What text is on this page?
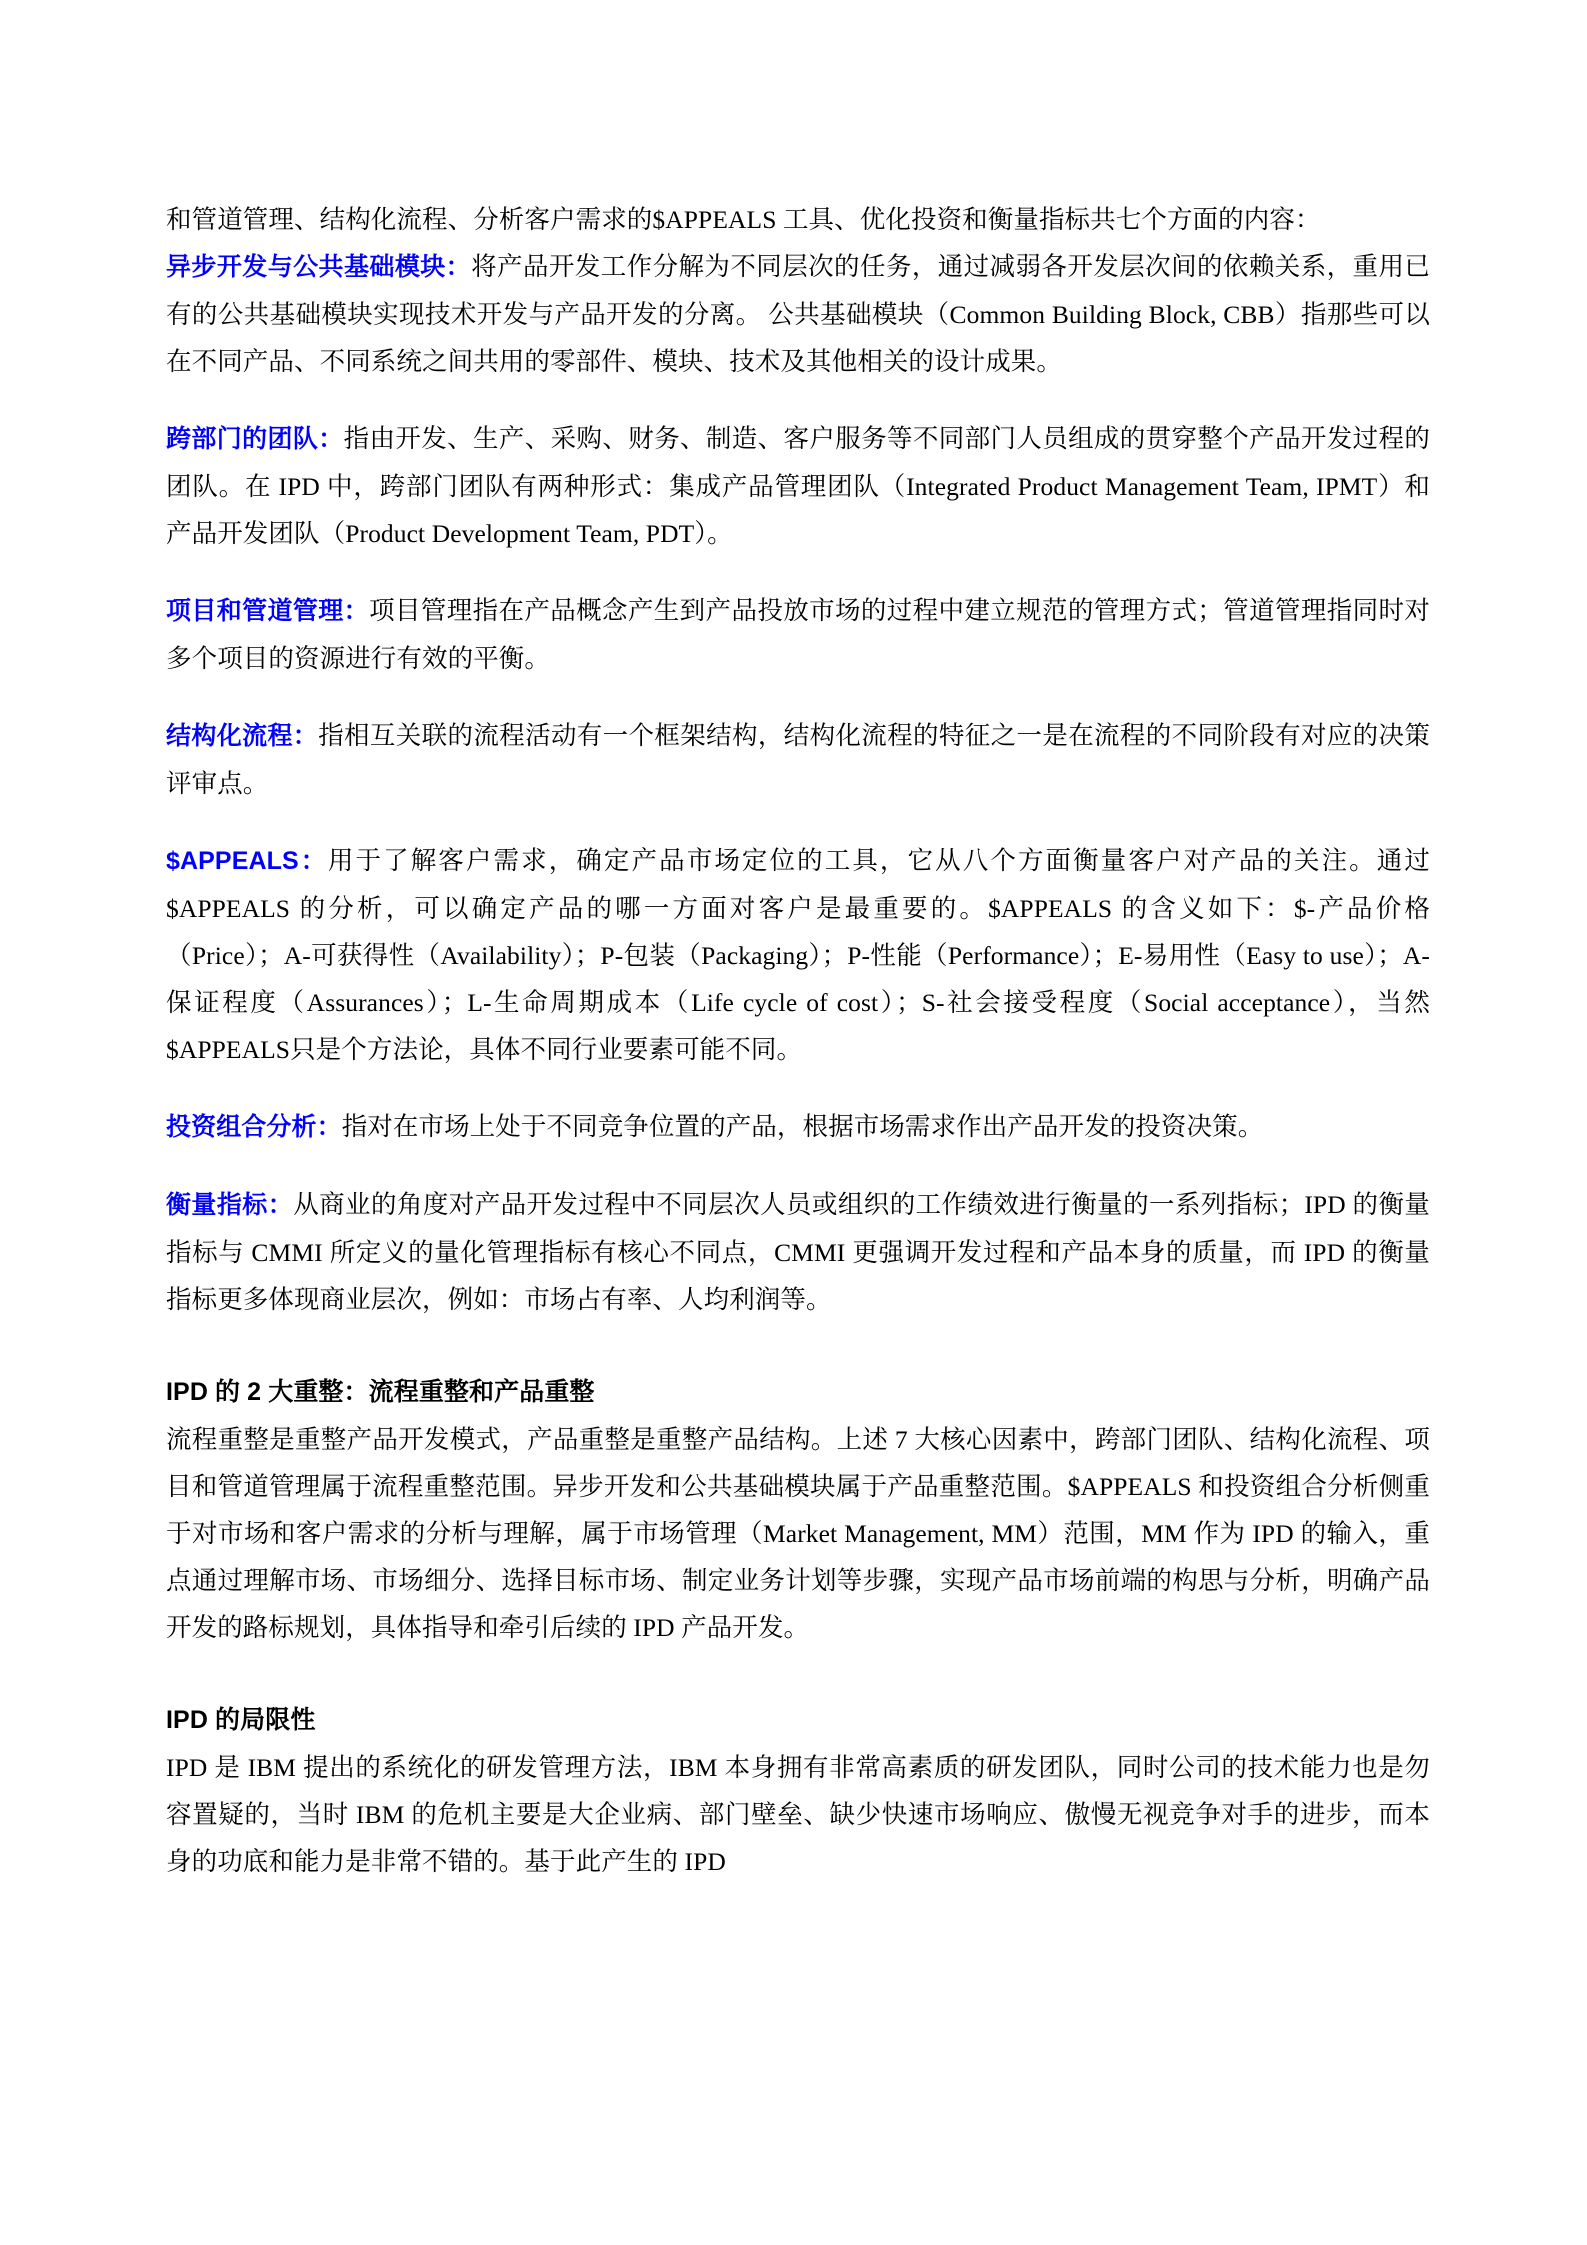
和管道管理、结构化流程、分析客户需求的$APPEALS 工具、优化投资和衡量指标共七个方面的内容：

异步开发与公共基础模块：将产品开发工作分解为不同层次的任务，通过减弱各开发层次间的依赖关系，重用已有的公共基础模块实现技术开发与产品开发的分离。 公共基础模块（Common Building Block, CBB）指那些可以在不同产品、不同系统之间共用的零部件、模块、技术及其他相关的设计成果。

跨部门的团队：指由开发、生产、采购、财务、制造、客户服务等不同部门人员组成的贯穿整个产品开发过程的团队。在 IPD 中，跨部门团队有两种形式：集成产品管理团队（Integrated Product Management Team, IPMT）和产品开发团队（Product Development Team, PDT）。

项目和管道管理：项目管理指在产品概念产生到产品投放市场的过程中建立规范的管理方式；管道管理指同时对多个项目的资源进行有效的平衡。

结构化流程：指相互关联的流程活动有一个框架结构，结构化流程的特征之一是在流程的不同阶段有对应的决策评审点。

$APPEALS：用于了解客户需求，确定产品市场定位的工具，它从八个方面衡量客户对产品的关注。通过$APPEALS 的分析，可以确定产品的哪一方面对客户是最重要的。$APPEALS 的含义如下：$-产品价格（Price）；A-可获得性（Availability）；P-包装（Packaging）；P-性能（Performance）；E-易用性（Easy to use）；A-保证程度（Assurances）；L-生命周期成本（Life cycle of cost）；S-社会接受程度（Social acceptance），当然$APPEALS只是个方法论，具体不同行业要素可能不同。

投资组合分析：指对在市场上处于不同竞争位置的产品，根据市场需求作出产品开发的投资决策。

衡量指标：从商业的角度对产品开发过程中不同层次人员或组织的工作绩效进行衡量的一系列指标；IPD 的衡量指标与 CMMI 所定义的量化管理指标有核心不同点，CMMI 更强调开发过程和产品本身的质量，而 IPD 的衡量指标更多体现商业层次，例如：市场占有率、人均利润等。

IPD 的 2 大重整：流程重整和产品重整

流程重整是重整产品开发模式，产品重整是重整产品结构。上述 7 大核心因素中，跨部门团队、结构化流程、项目和管道管理属于流程重整范围。异步开发和公共基础模块属于产品重整范围。$APPEALS 和投资组合分析侧重于对市场和客户需求的分析与理解，属于市场管理（Market Management, MM）范围，MM 作为 IPD 的输入，重点通过理解市场、市场细分、选择目标市场、制定业务计划等步骤，实现产品市场前端的构思与分析，明确产品开发的路标规划，具体指导和牵引后续的 IPD 产品开发。

IPD 的局限性

IPD 是 IBM 提出的系统化的研发管理方法，IBM 本身拥有非常高素质的研发团队，同时公司的技术能力也是勿容置疑的，当时 IBM 的危机主要是大企业病、部门壁垒、缺少快速市场响应、傲慢无视竞争对手的进步，而本身的功底和能力是非常不错的。基于此产生的 IPD
